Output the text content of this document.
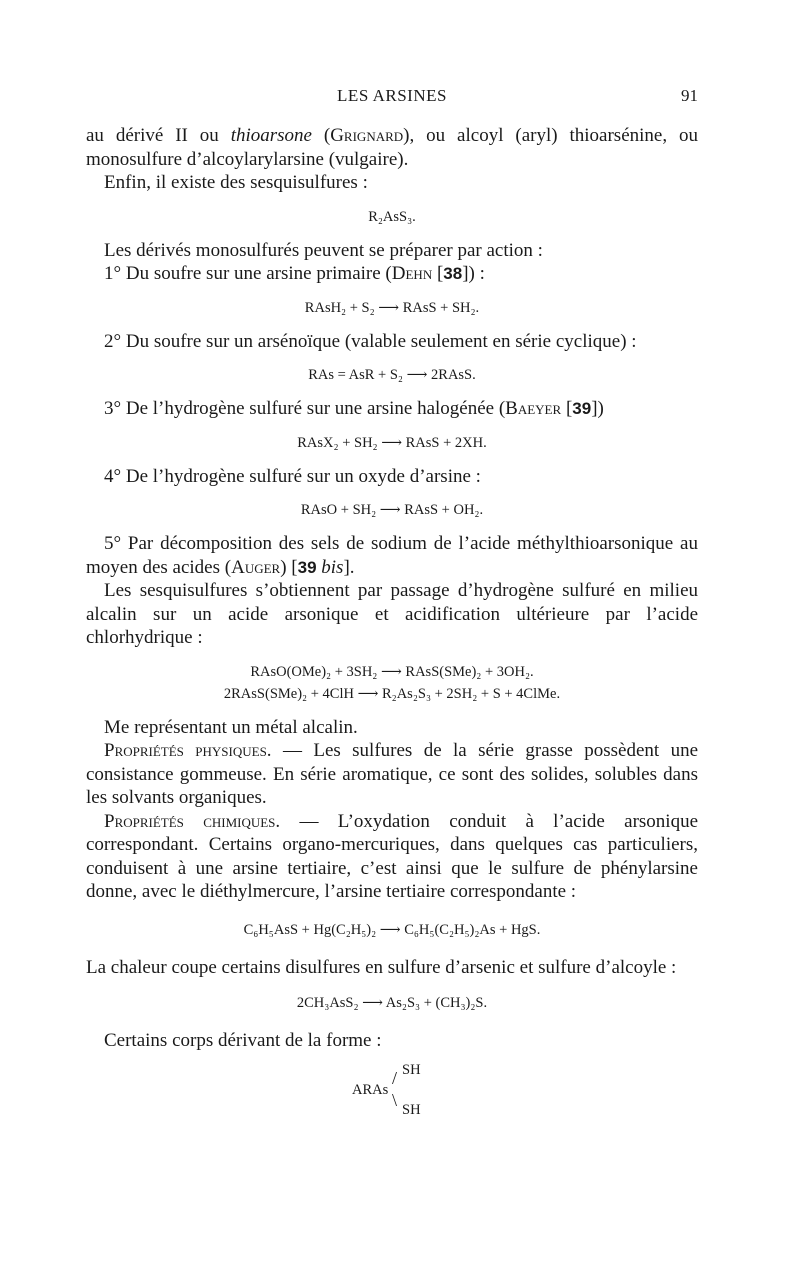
LES ARSINES	91

au dérivé II ou thioarsone (Grignard), ou alcoyl (aryl) thioarsénine, ou monosulfure d’alcoylarylarsine (vulgaire).

Enfin, il existe des sesquisulfures :

R₂AsS₃.

Les dérivés monosulfurés peuvent se préparer par action :

1° Du soufre sur une arsine primaire (Dehn [38]) :

RAsH₂ + S₂ ⟶ RAsS + SH₂.

2° Du soufre sur un arsénoïque (valable seulement en série cyclique) :

RAs = AsR + S₂ ⟶ 2RAsS.

3° De l’hydrogène sulfuré sur une arsine halogénée (Baeyer [39])

RAsX₂ + SH₂ ⟶ RAsS + 2XH.

4° De l’hydrogène sulfuré sur un oxyde d’arsine :

RAsO + SH₂ ⟶ RAsS + OH₂.

5° Par décomposition des sels de sodium de l’acide méthylthioarsonique au moyen des acides (Auger) [39 bis].

Les sesquisulfures s’obtiennent par passage d’hydrogène sulfuré en milieu alcalin sur un acide arsonique et acidification ultérieure par l’acide chlorhydrique :

RAsO(OMe)₂ + 3SH₂ ⟶ RAsS(SMe)₂ + 3OH₂.
2RAsS(SMe)₂ + 4ClH ⟶ R₂As₂S₃ + 2SH₂ + S + 4ClMe.

Me représentant un métal alcalin.

Propriétés physiques. — Les sulfures de la série grasse possèdent une consistance gommeuse. En série aromatique, ce sont des solides, solubles dans les solvants organiques.

Propriétés chimiques. — L’oxydation conduit à l’acide arsonique correspondant. Certains organo-mercuriques, dans quelques cas particuliers, conduisent à une arsine tertiaire, c’est ainsi que le sulfure de phénylarsine donne, avec le diéthylmercure, l’arsine tertiaire correspondante :

C₆H₅AsS + Hg(C₂H₅)₂ ⟶ C₆H₅(C₂H₅)₂As + HgS.

La chaleur coupe certains disulfures en sulfure d’arsenic et sulfure d’alcoyle :

2CH₃AsS₂ ⟶ As₂S₃ + (CH₃)₂S.

Certains corps dérivant de la forme :

SH
/
ARAs \ SH
